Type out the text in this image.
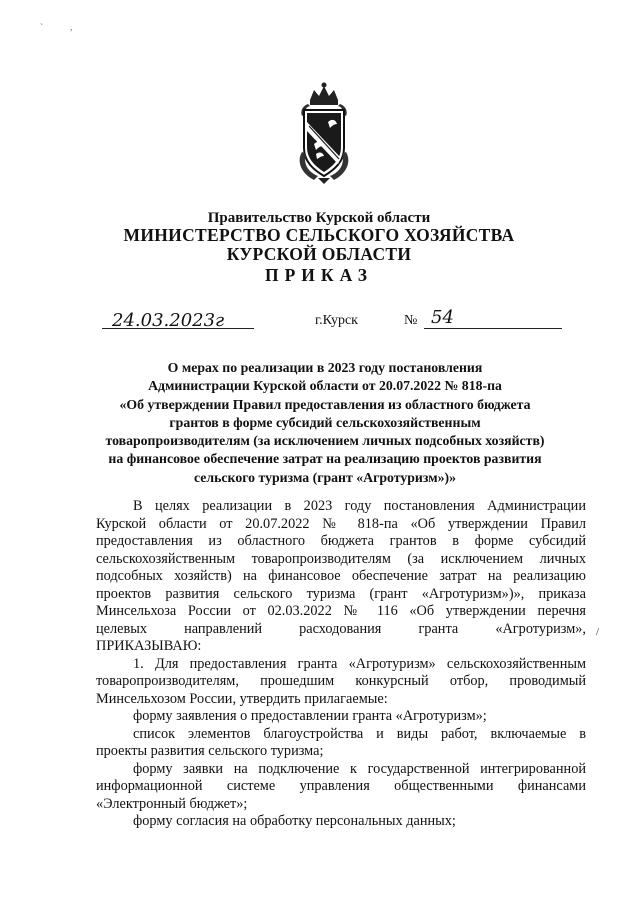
`            ,
Правительство Курской области
МИНИСТЕРСТВО СЕЛЬСКОГО ХОЗЯЙСТВА
КУРСКОЙ ОБЛАСТИ
ПРИКАЗ
24.03.2023г	г.Курск	№ 54
О мерах по реализации в 2023 году постановления
Администрации Курской области от 20.07.2022 № 818-па
«Об утверждении Правил предоставления из областного бюджета
грантов в форме субсидий сельскохозяйственным
товаропроизводителям (за исключением личных подсобных хозяйств)
на финансовое обеспечение затрат на реализацию проектов развития
сельского туризма (грант «Агротуризм»)»
В целях реализации в 2023 году постановления Администрации
Курской области от 20.07.2022 № 818-па «Об утверждении Правил
предоставления из областного бюджета грантов в форме субсидий
сельскохозяйственным товаропроизводителям (за исключением личных
подсобных хозяйств) на финансовое обеспечение затрат на реализацию
проектов развития сельского туризма (грант «Агротуризм»)», приказа
Минсельхоза России от 02.03.2022 № 116 «Об утверждении перечня
целевых направлений расходования гранта «Агротуризм»,
ПРИКАЗЫВАЮ:
1. Для предоставления гранта «Агротуризм» сельскохозяйственным
товаропроизводителям, прошедшим конкурсный отбор, проводимый
Минсельхозом России, утвердить прилагаемые:
форму заявления о предоставлении гранта «Агротуризм»;
список элементов благоустройства и виды работ, включаемые в
проекты развития сельского туризма;
форму заявки на подключение к государственной интегрированной
информационной системе управления общественными финансами
«Электронный бюджет»;
форму согласия на обработку персональных данных;
/
